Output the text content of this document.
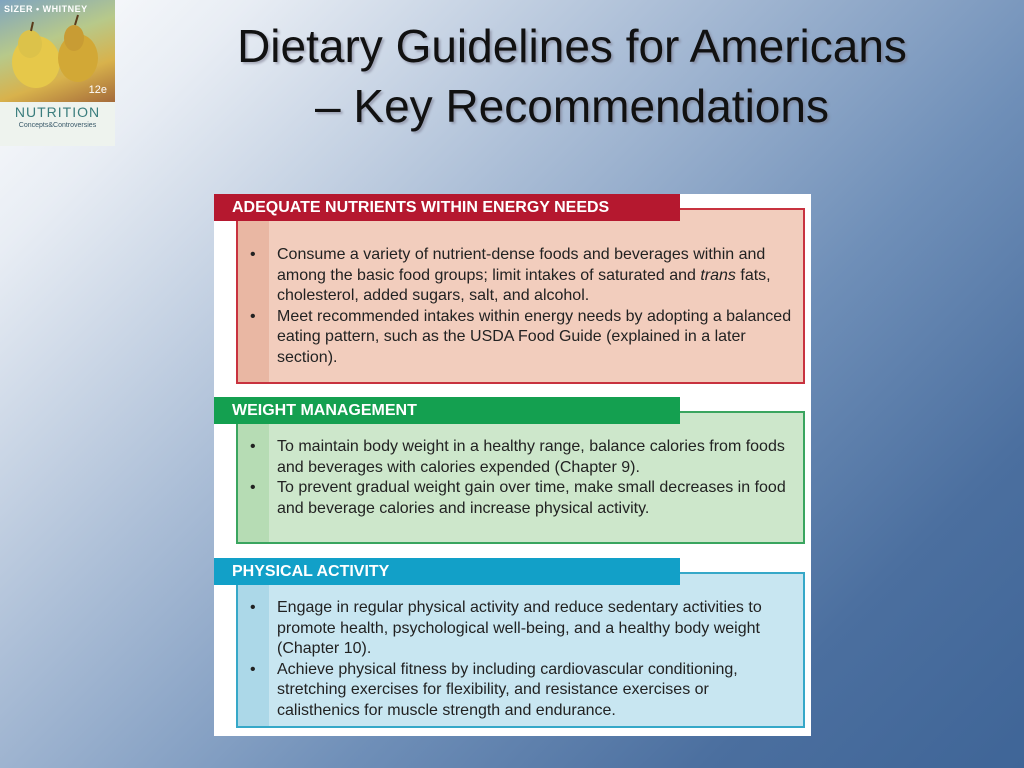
SIZER • WHITNEY
12e
NUTRITION
Concepts&Controversies
Dietary Guidelines for Americans
– Key Recommendations
• Consume a variety of nutrient-dense foods and beverages within and among the basic food groups; limit intakes of saturated and trans fats, cholesterol, added sugars, salt, and alcohol.
• Meet recommended intakes within energy needs by adopting a balanced eating pattern, such as the USDA Food Guide (explained in a later section).
ADEQUATE NUTRIENTS WITHIN ENERGY NEEDS
• To maintain body weight in a healthy range, balance calories from foods and beverages with calories expended (Chapter 9).
• To prevent gradual weight gain over time, make small decreases in food and beverage calories and increase physical activity.
WEIGHT MANAGEMENT
• Engage in regular physical activity and reduce sedentary activities to promote health, psychological well-being, and a healthy body weight (Chapter 10).
• Achieve physical fitness by including cardiovascular conditioning, stretching exercises for flexibility, and resistance exercises or calisthenics for muscle strength and endurance.
PHYSICAL ACTIVITY
